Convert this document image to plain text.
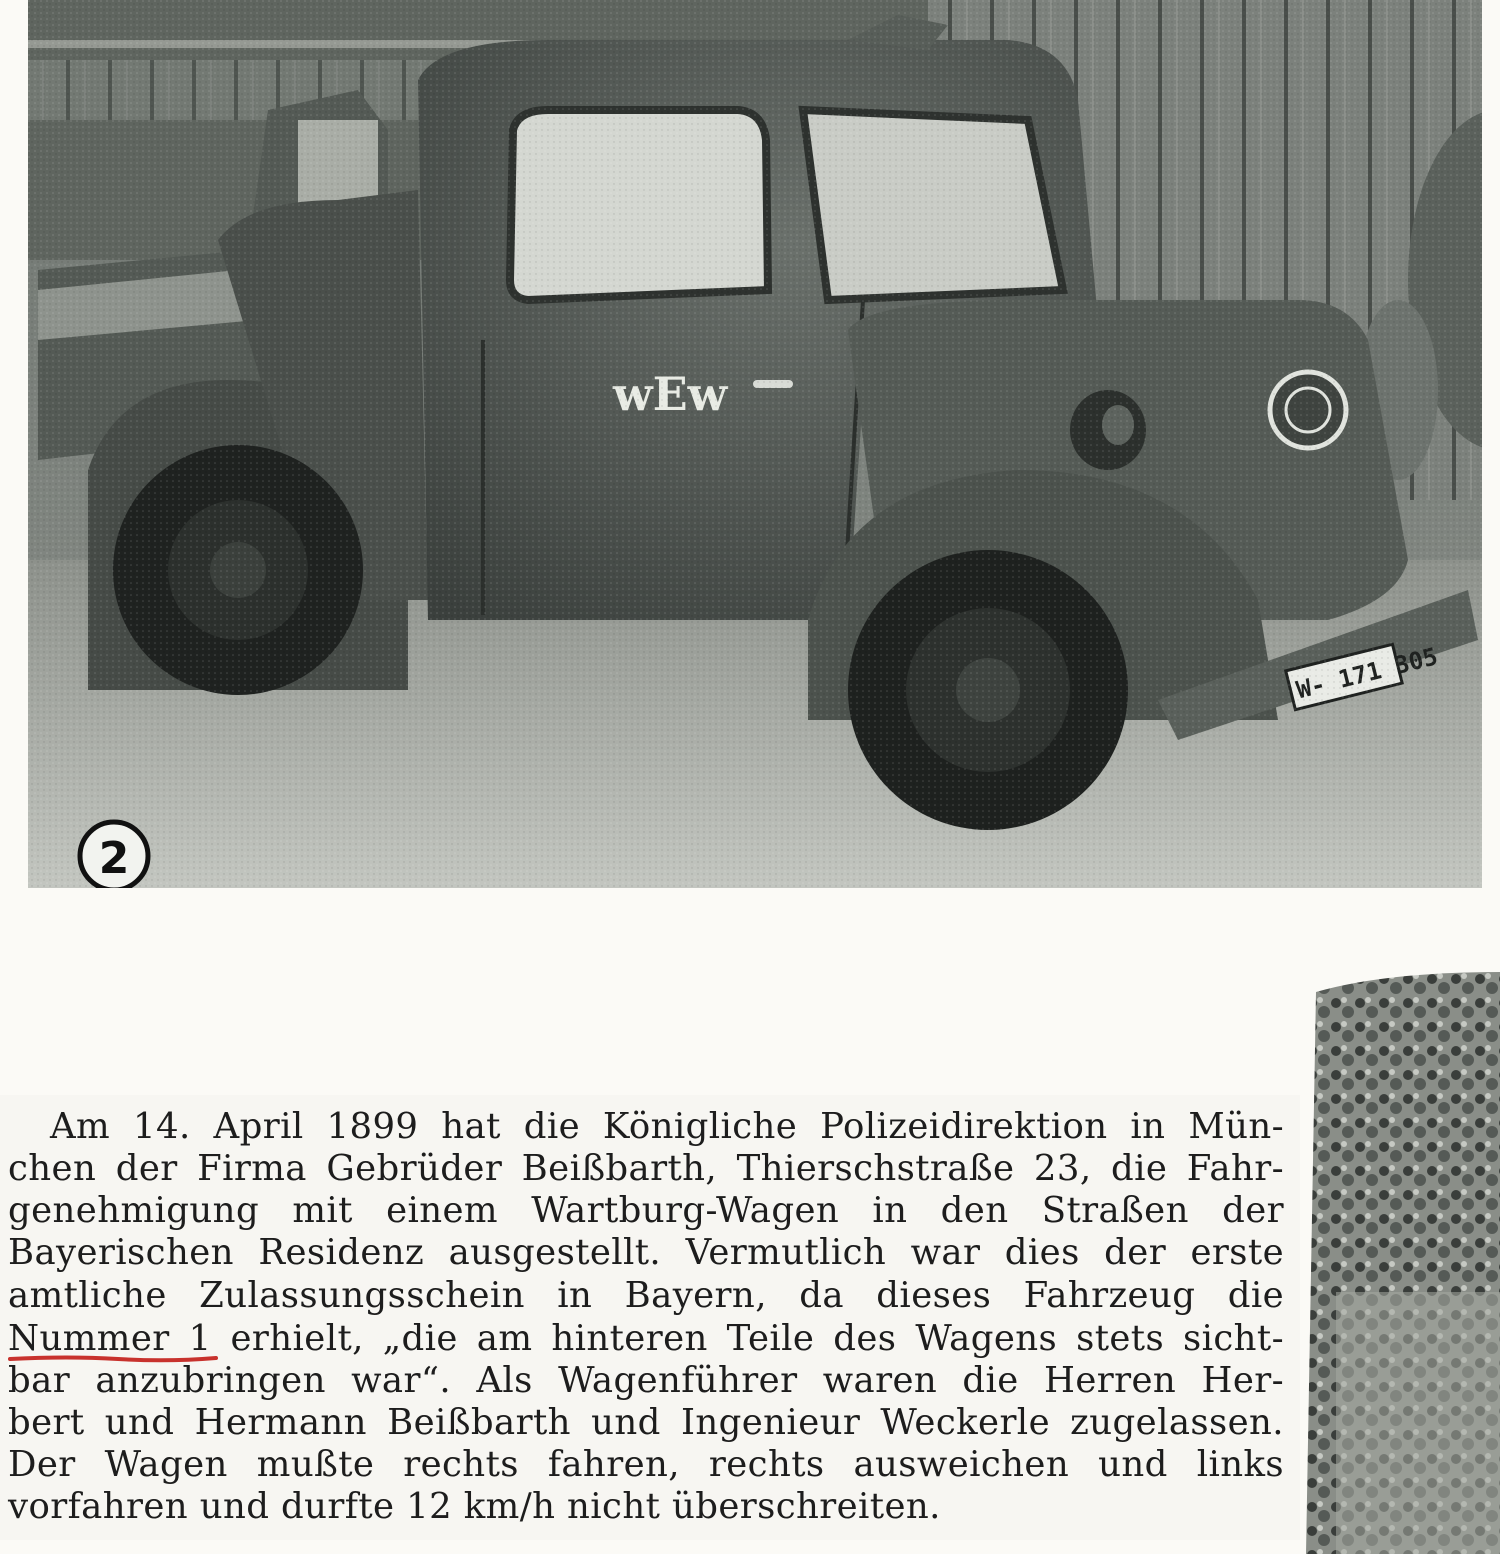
2
Am 14. April 1899 hat die Königliche Polizeidirektion in Mün-
chen der Firma Gebrüder Beißbarth, Thierschstraße 23, die Fahr-
genehmigung mit einem Wartburg-Wagen in den Straßen der
Bayerischen Residenz ausgestellt. Vermutlich war dies der erste
amtliche Zulassungsschein in Bayern, da dieses Fahrzeug die
Nummer 1 erhielt, „die am hinteren Teile des Wagens stets sicht-
bar anzubringen war“. Als Wagenführer waren die Herren Her-
bert und Hermann Beißbarth und Ingenieur Weckerle zugelassen.
Der Wagen mußte rechts fahren, rechts ausweichen und links
vorfahren und durfte 12 km/h nicht überschreiten.
